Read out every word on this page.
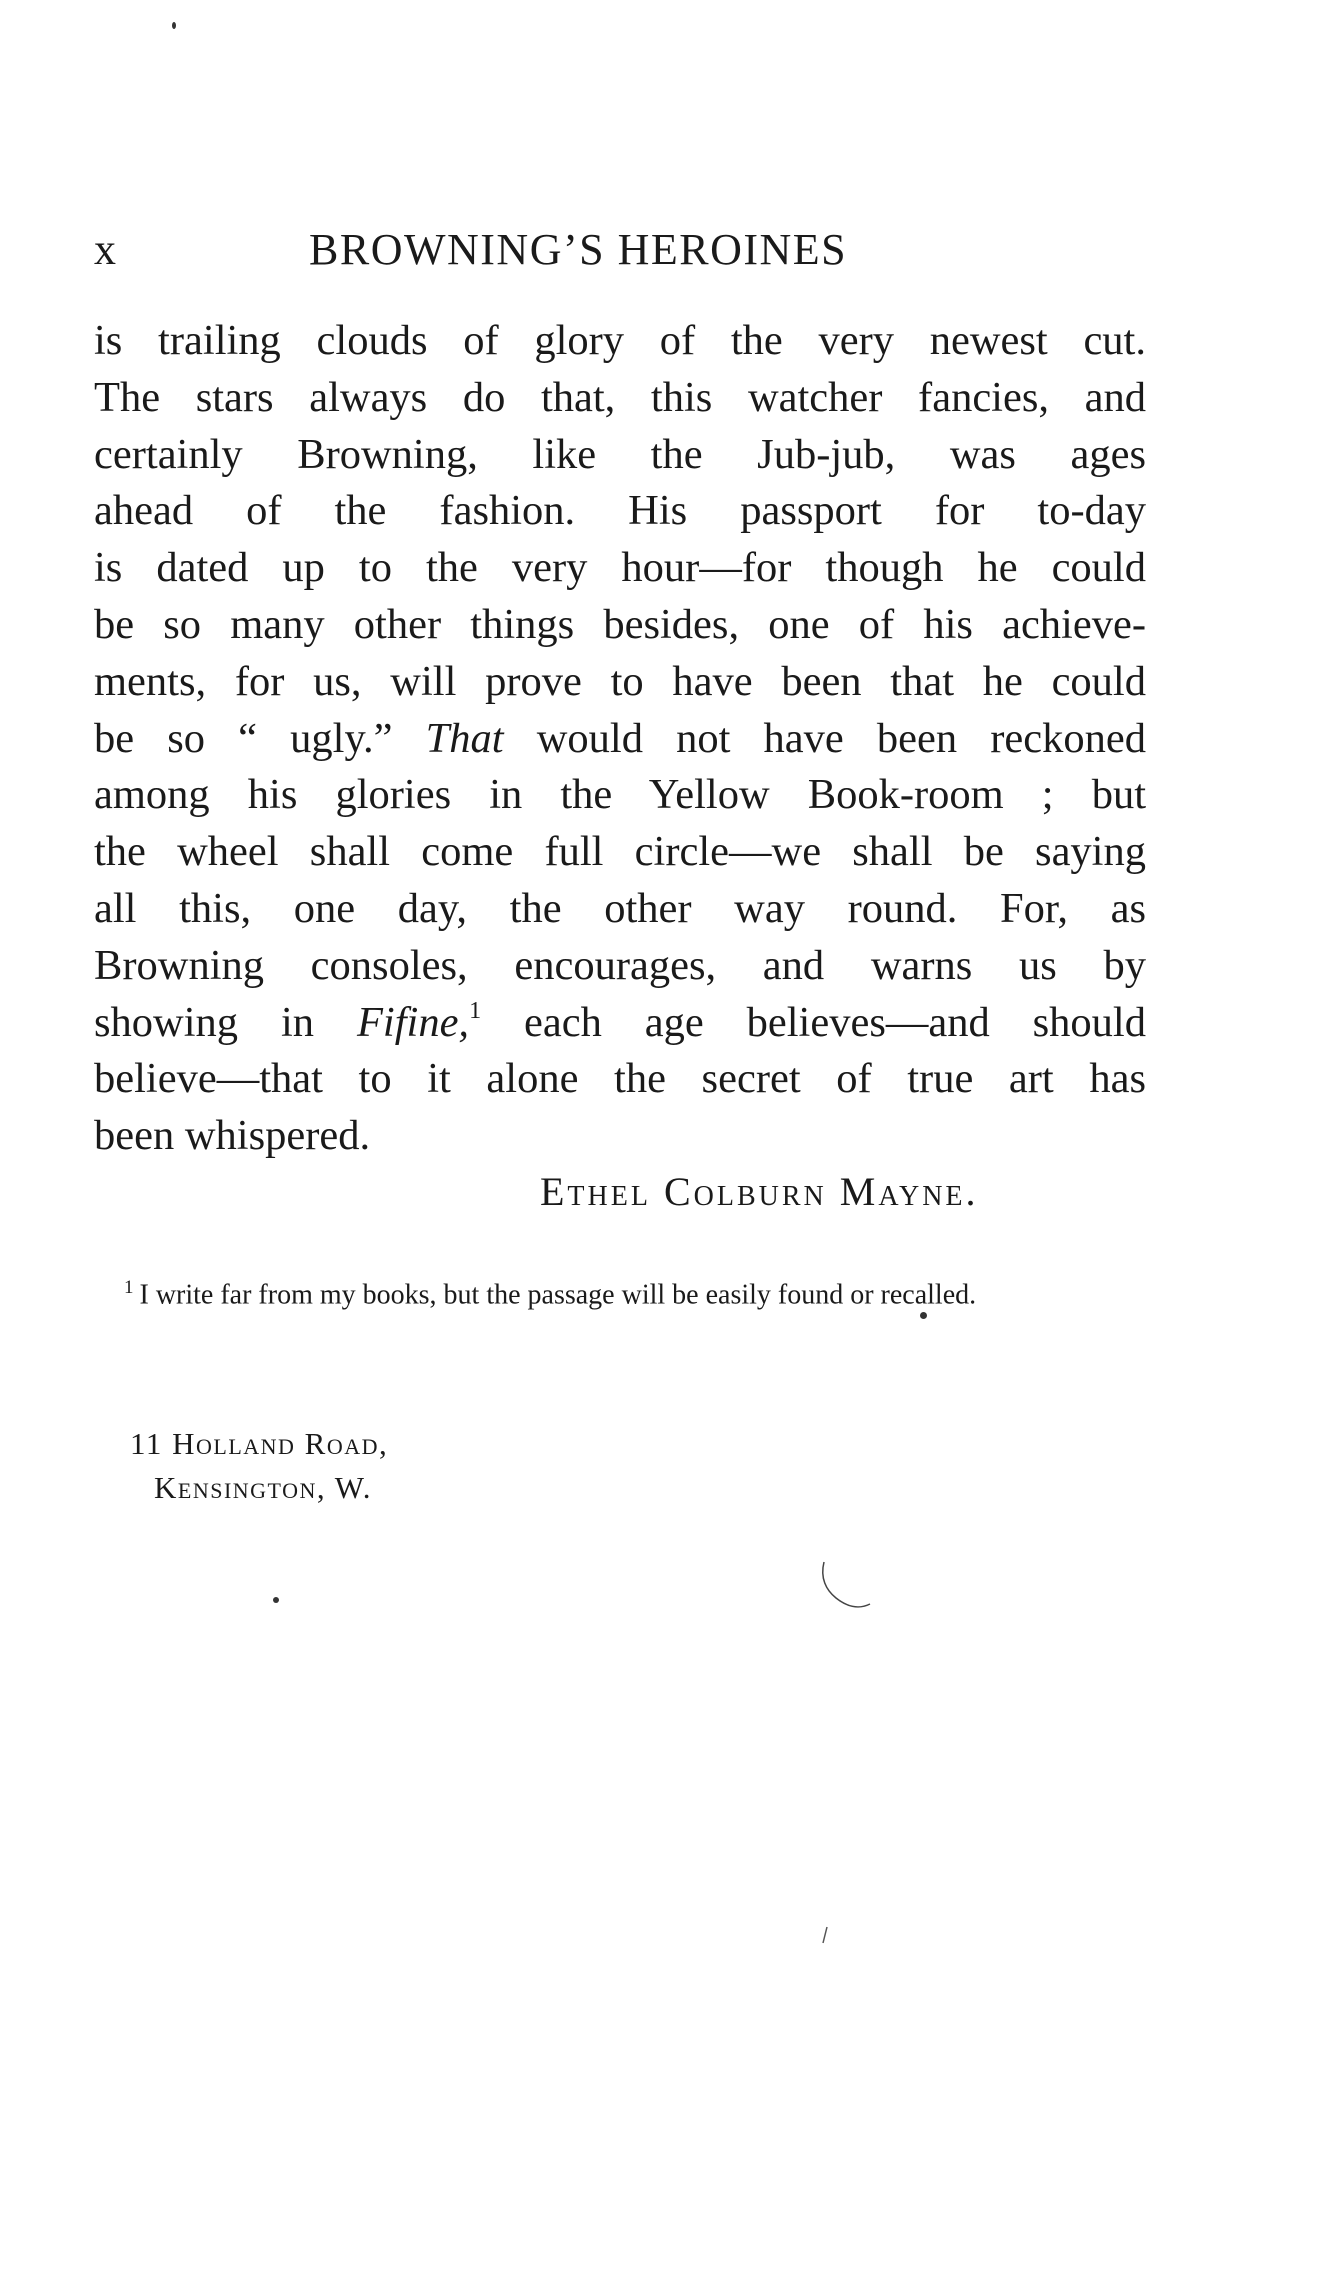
x	BROWNING’S HEROINES
is trailing clouds of glory of the very newest cut.
The stars always do that, this watcher fancies, and
certainly Browning, like the Jub-jub, was ages
ahead of the fashion. His passport for to-day
is dated up to the very hour—for though he could
be so many other things besides, one of his achieve-
ments, for us, will prove to have been that he could
be so “ ugly.” That would not have been reckoned
among his glories in the Yellow Book-room ; but
the wheel shall come full circle—we shall be saying
all this, one day, the other way round. For, as
Browning consoles, encourages, and warns us by
showing in Fifine,$^1$ each age believes—and should
believe—that to it alone the secret of true art has
been whispered.
Ethel Colburn Mayne.
$^1$ I write far from my books, but the passage will be easily found or recalled.
11 Holland Road,
Kensington, W.
